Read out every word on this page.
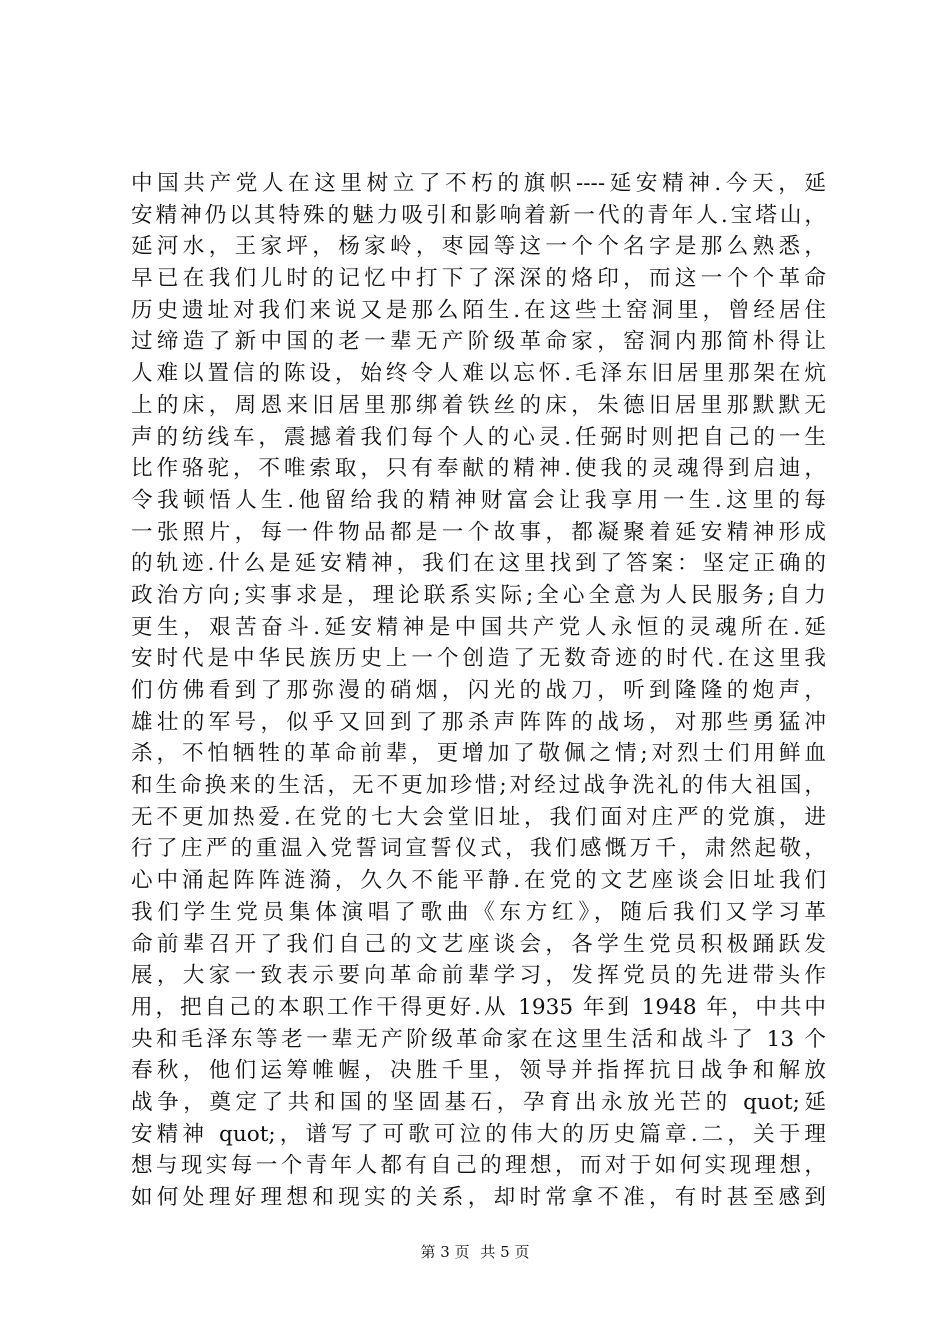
中国共产党人在这里树立了不朽的旗帜----延安精神.今天，延
安精神仍以其特殊的魅力吸引和影响着新一代的青年人.宝塔山，
延河水，王家坪，杨家岭，枣园等这一个个名字是那么熟悉，
早已在我们儿时的记忆中打下了深深的烙印，而这一个个革命
历史遗址对我们来说又是那么陌生.在这些土窑洞里，曾经居住
过缔造了新中国的老一辈无产阶级革命家，窑洞内那简朴得让
人难以置信的陈设，始终令人难以忘怀.毛泽东旧居里那架在炕
上的床，周恩来旧居里那绑着铁丝的床，朱德旧居里那默默无
声的纺线车，震撼着我们每个人的心灵.任弼时则把自己的一生
比作骆驼，不唯索取，只有奉献的精神.使我的灵魂得到启迪，
令我顿悟人生.他留给我的精神财富会让我享用一生.这里的每
一张照片，每一件物品都是一个故事，都凝聚着延安精神形成
的轨迹.什么是延安精神，我们在这里找到了答案：坚定正确的
政治方向;实事求是，理论联系实际;全心全意为人民服务;自力
更生，艰苦奋斗.延安精神是中国共产党人永恒的灵魂所在.延
安时代是中华民族历史上一个创造了无数奇迹的时代.在这里我
们仿佛看到了那弥漫的硝烟，闪光的战刀，听到隆隆的炮声，
雄壮的军号，似乎又回到了那杀声阵阵的战场，对那些勇猛冲
杀，不怕牺牲的革命前辈，更增加了敬佩之情;对烈士们用鲜血
和生命换来的生活，无不更加珍惜;对经过战争洗礼的伟大祖国，
无不更加热爱.在党的七大会堂旧址，我们面对庄严的党旗，进
行了庄严的重温入党誓词宣誓仪式，我们感慨万千，肃然起敬，
心中涌起阵阵涟漪，久久不能平静.在党的文艺座谈会旧址我们
我们学生党员集体演唱了歌曲《东方红》，随后我们又学习革
命前辈召开了我们自己的文艺座谈会，各学生党员积极踊跃发
展，大家一致表示要向革命前辈学习，发挥党员的先进带头作
用，把自己的本职工作干得更好.从 1935 年到 1948 年，中共中
央和毛泽东等老一辈无产阶级革命家在这里生活和战斗了 13 个
春秋，他们运筹帷幄，决胜千里，领导并指挥抗日战争和解放
战争，奠定了共和国的坚固基石，孕育出永放光芒的 quot;延
安精神 quot;，谱写了可歌可泣的伟大的历史篇章.二，关于理
想与现实每一个青年人都有自己的理想，而对于如何实现理想，
如何处理好理想和现实的关系，却时常拿不准，有时甚至感到
第 3 页 共 5 页
